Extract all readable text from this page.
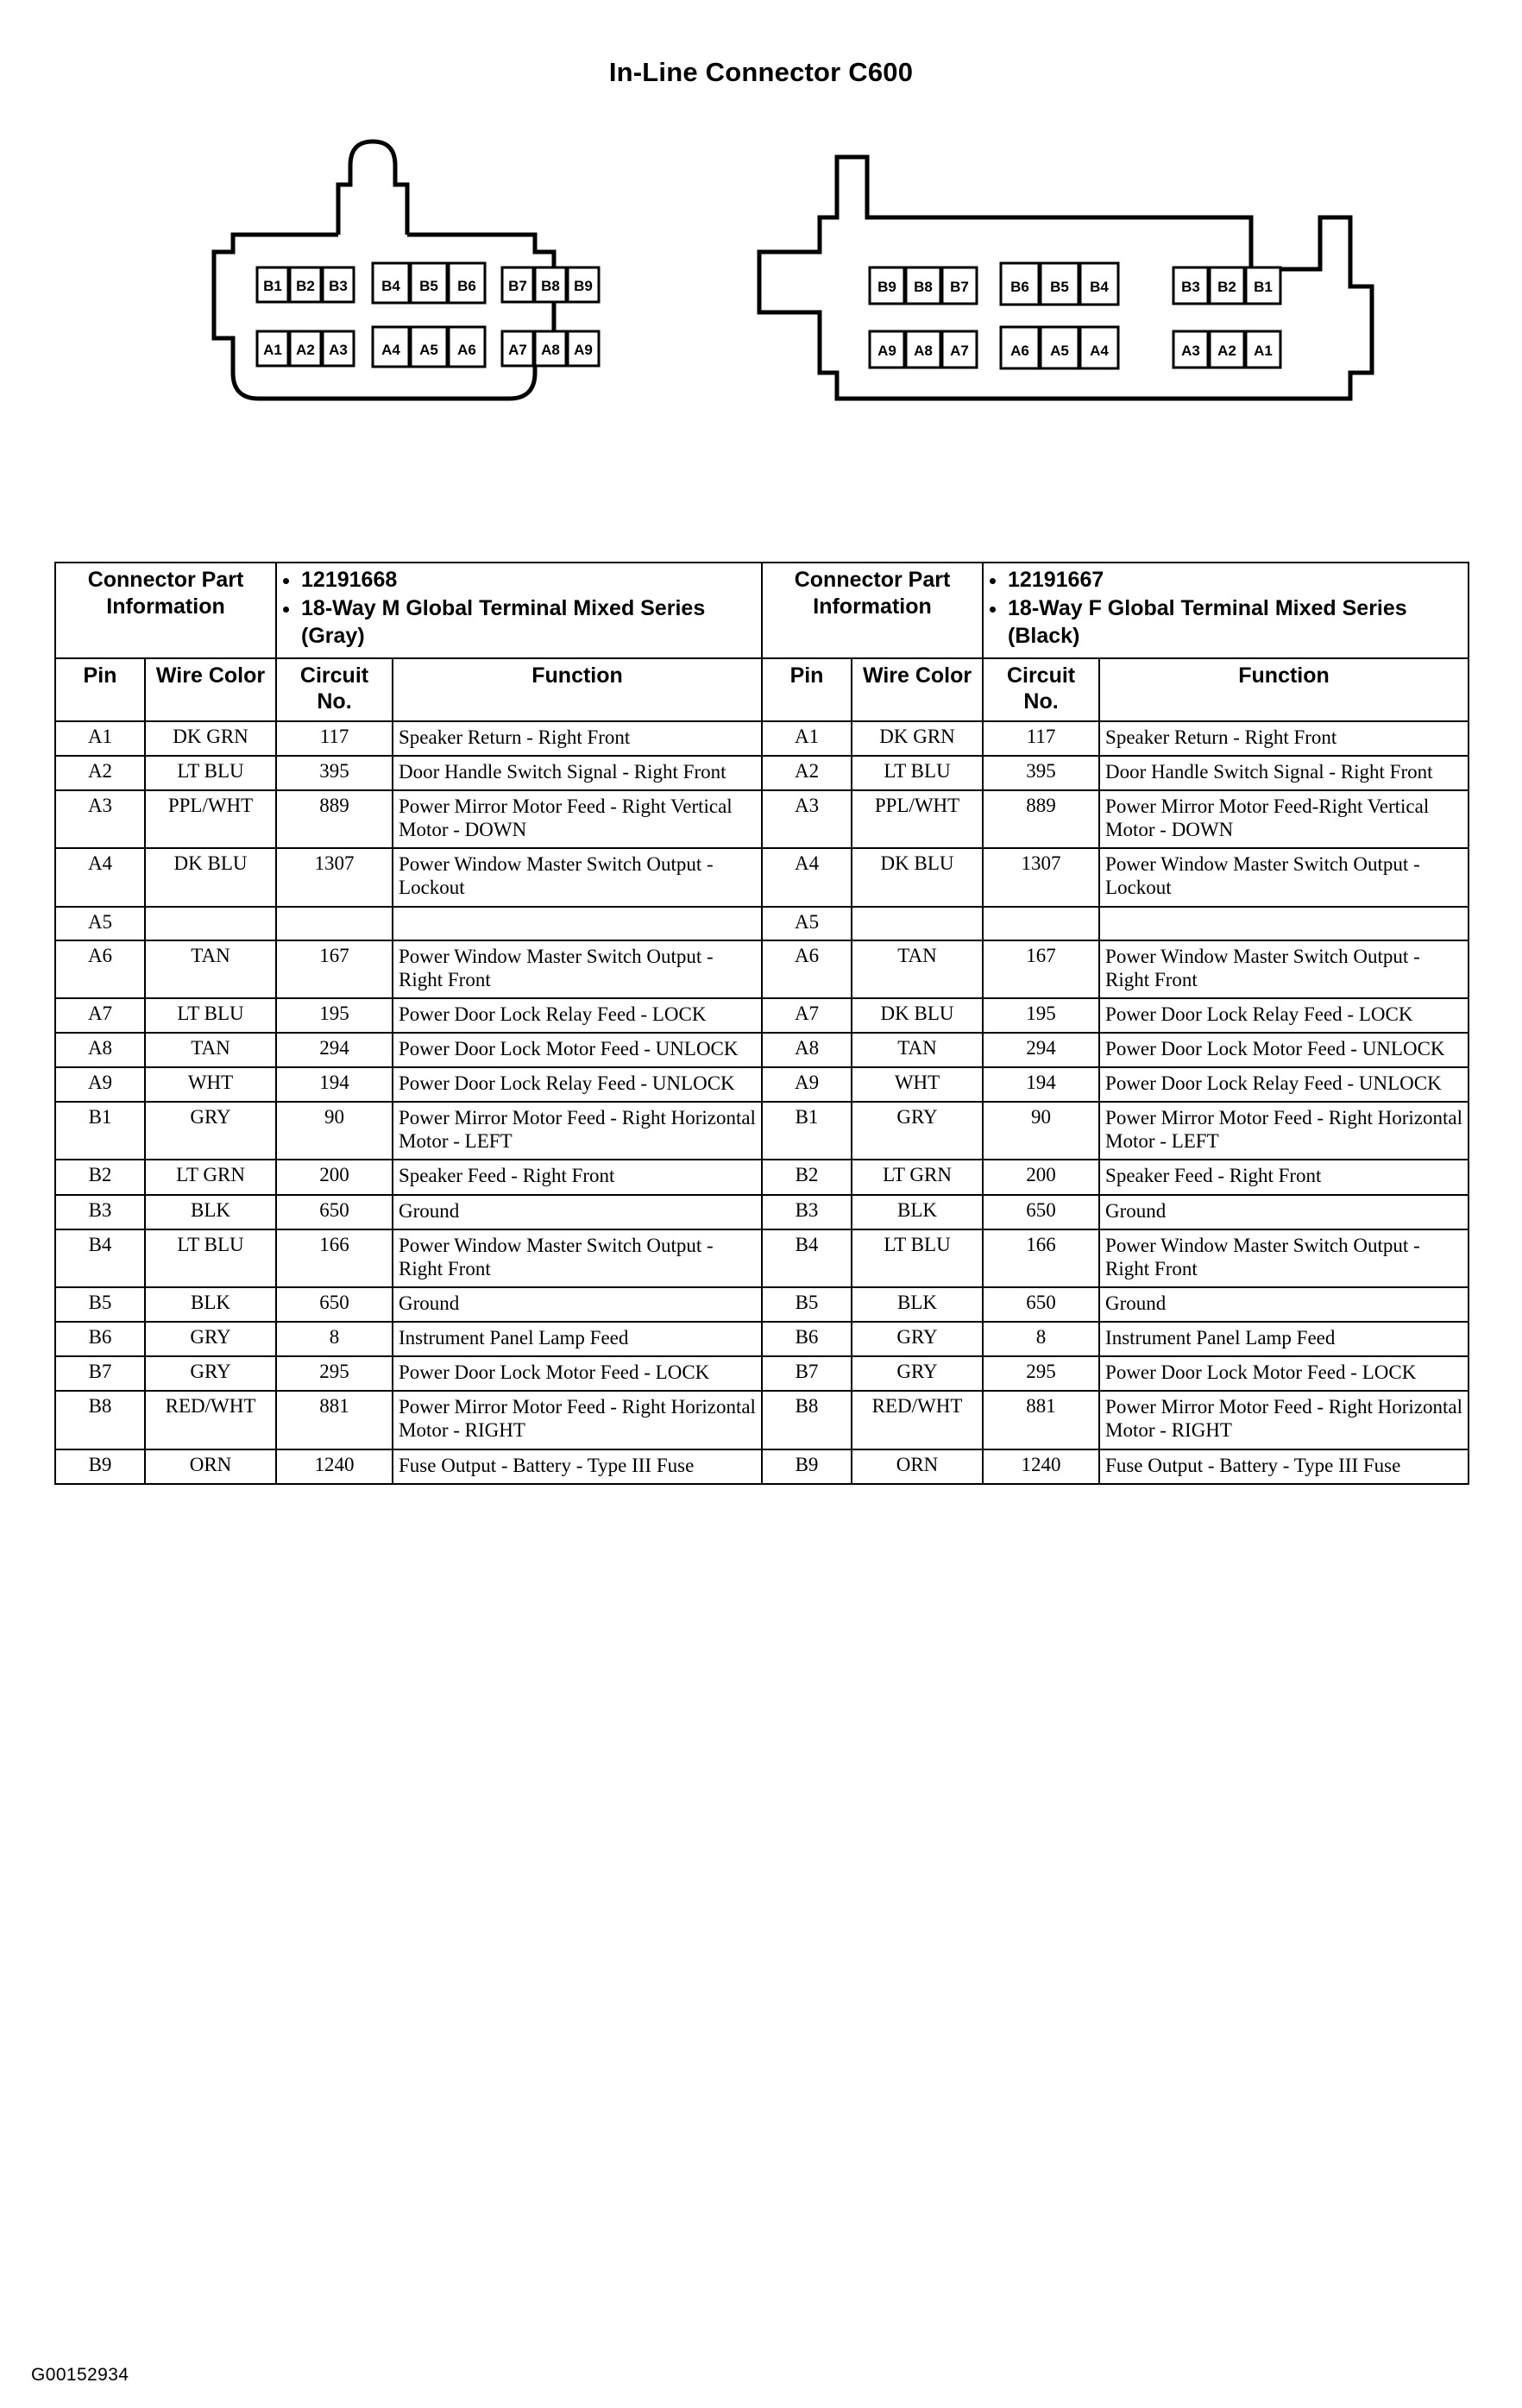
In-Line Connector C600
B1 B2 B3 B4 B5 B6 B7 B8 B9
A1 A2 A3 A4 A5 A6 A7 A8 A9
B9 B8 B7	B6 B5 B4	B3 B2 B1
A9 A8 A7	A6 A5 A4	A3 A2 A1
Connector Part Information	
• 12191668
• 18-Way M Global Terminal Mixed Series (Gray)
	Connector Part Information	
• 12191667
• 18-Way F Global Terminal Mixed Series (Black)

Pin	Wire Color	Circuit No.	Function	Pin	Wire Color	Circuit No.	Function
A1	DK GRN	117	Speaker Return - Right Front	A1	DK GRN	117	Speaker Return - Right Front
A2	LT BLU	395	Door Handle Switch Signal - Right Front	A2	LT BLU	395	Door Handle Switch Signal - Right Front
A3	PPL/WHT	889	Power Mirror Motor Feed - Right Vertical Motor - DOWN	A3	PPL/WHT	889	Power Mirror Motor Feed-Right Vertical Motor - DOWN
A4	DK BLU	1307	Power Window Master Switch Output - Lockout	A4	DK BLU	1307	Power Window Master Switch Output - Lockout
A5				A5			
A6	TAN	167	Power Window Master Switch Output - Right Front	A6	TAN	167	Power Window Master Switch Output - Right Front
A7	LT BLU	195	Power Door Lock Relay Feed - LOCK	A7	DK BLU	195	Power Door Lock Relay Feed - LOCK
A8	TAN	294	Power Door Lock Motor Feed - UNLOCK	A8	TAN	294	Power Door Lock Motor Feed - UNLOCK
A9	WHT	194	Power Door Lock Relay Feed - UNLOCK	A9	WHT	194	Power Door Lock Relay Feed - UNLOCK
B1	GRY	90	Power Mirror Motor Feed - Right Horizontal Motor - LEFT	B1	GRY	90	Power Mirror Motor Feed - Right Horizontal Motor - LEFT
B2	LT GRN	200	Speaker Feed - Right Front	B2	LT GRN	200	Speaker Feed - Right Front
B3	BLK	650	Ground	B3	BLK	650	Ground
B4	LT BLU	166	Power Window Master Switch Output - Right Front	B4	LT BLU	166	Power Window Master Switch Output - Right Front
B5	BLK	650	Ground	B5	BLK	650	Ground
B6	GRY	8	Instrument Panel Lamp Feed	B6	GRY	8	Instrument Panel Lamp Feed
B7	GRY	295	Power Door Lock Motor Feed - LOCK	B7	GRY	295	Power Door Lock Motor Feed - LOCK
B8	RED/WHT	881	Power Mirror Motor Feed - Right Horizontal Motor - RIGHT	B8	RED/WHT	881	Power Mirror Motor Feed - Right Horizontal Motor - RIGHT
B9	ORN	1240	Fuse Output - Battery - Type III Fuse	B9	ORN	1240	Fuse Output - Battery - Type III Fuse
G00152934
